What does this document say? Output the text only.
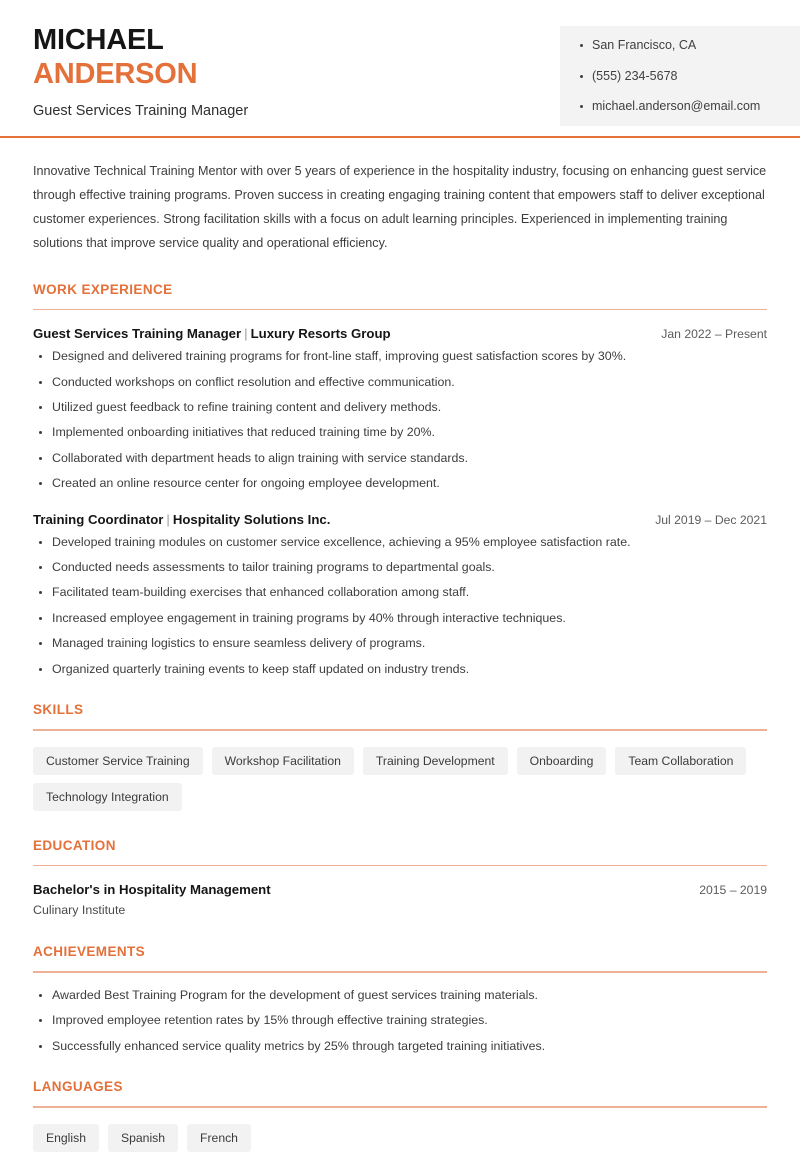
MICHAEL
ANDERSON
Guest Services Training Manager
San Francisco, CA
(555) 234-5678
michael.anderson@email.com

Innovative Technical Training Mentor with over 5 years of experience in the hospitality industry, focusing on enhancing guest service through effective training programs. Proven success in creating engaging training content that empowers staff to deliver exceptional customer experiences. Strong facilitation skills with a focus on adult learning principles. Experienced in implementing training solutions that improve service quality and operational efficiency.

WORK EXPERIENCE
Guest Services Training Manager | Luxury Resorts Group	Jan 2022 – Present
Designed and delivered training programs for front-line staff, improving guest satisfaction scores by 30%.
Conducted workshops on conflict resolution and effective communication.
Utilized guest feedback to refine training content and delivery methods.
Implemented onboarding initiatives that reduced training time by 20%.
Collaborated with department heads to align training with service standards.
Created an online resource center for ongoing employee development.
Training Coordinator | Hospitality Solutions Inc.	Jul 2019 – Dec 2021
Developed training modules on customer service excellence, achieving a 95% employee satisfaction rate.
Conducted needs assessments to tailor training programs to departmental goals.
Facilitated team-building exercises that enhanced collaboration among staff.
Increased employee engagement in training programs by 40% through interactive techniques.
Managed training logistics to ensure seamless delivery of programs.
Organized quarterly training events to keep staff updated on industry trends.
SKILLS
Customer Service Training	Workshop Facilitation	Training Development	Onboarding	Team Collaboration
Technology Integration
EDUCATION
Bachelor's in Hospitality Management	2015 – 2019
Culinary Institute
ACHIEVEMENTS
Awarded Best Training Program for the development of guest services training materials.
Improved employee retention rates by 15% through effective training strategies.
Successfully enhanced service quality metrics by 25% through targeted training initiatives.
LANGUAGES
English	Spanish	French
